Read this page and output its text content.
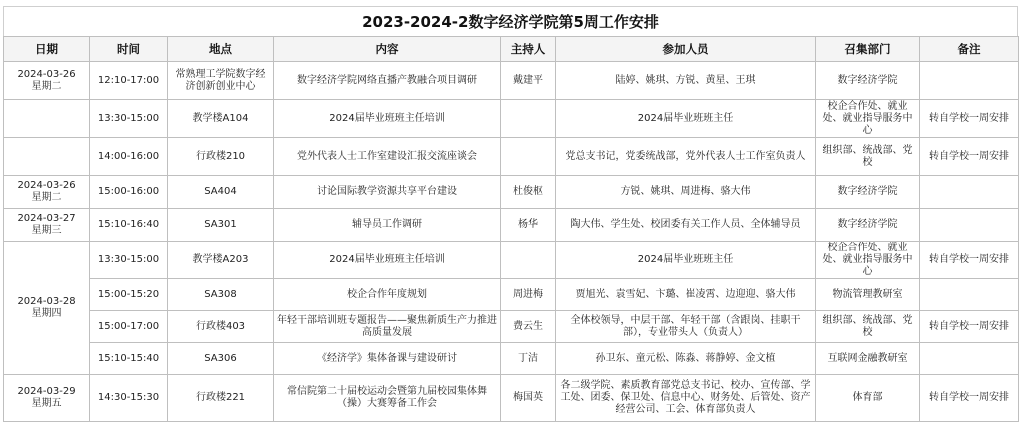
2023-2024-2数字经济学院第5周工作安排
日期	时间	地点	内容	主持人	参加人员	召集部门	备注

2024-03-26
星期二	12:10-17:00	常熟理工学院数字经济创新创业中心	数字经济学院网络直播产教融合项目调研	戴建平	陆婷、姚琪、方锐、黄星、王琪	数字经济学院	

	13:30-15:00	教学楼A104	2024届毕业班班主任培训		2024届毕业班班主任	校企合作处、就业处、就业指导服务中心	转自学校一周安排

	14:00-16:00	行政楼210	党外代表人士工作室建设汇报交流座谈会		党总支书记，党委统战部，党外代表人士工作室负责人	组织部、统战部、党校	转自学校一周安排

2024-03-26
星期二	15:00-16:00	SA404	讨论国际教学资源共享平台建设	杜俊枢	方锐、姚琪、周进梅、骆大伟	数字经济学院	

2024-03-27
星期三	15:10-16:40	SA301	辅导员工作调研	杨华	陶大伟、学生处、校团委有关工作人员、全体辅导员	数字经济学院	

2024-03-28
星期四	13:30-15:00	教学楼A203	2024届毕业班班主任培训		2024届毕业班班主任	校企合作处、就业处、就业指导服务中心	转自学校一周安排
	15:00-15:20	SA308	校企合作年度规划	周进梅	贾旭光、袁雪妃、卞璐、崔凌霄、边迎迎、骆大伟	物流管理教研室	
	15:00-17:00	行政楼403	年轻干部培训班专题报告——聚焦新质生产力推进高质量发展	费云生	全体校领导，中层干部、年轻干部（含跟岗、挂职干部），专业带头人（负责人）	组织部、统战部、党校	转自学校一周安排
	15:10-15:40	SA306	《经济学》集体备课与建设研讨	丁洁	孙卫东、童元松、陈淼、蒋静婷、金文植	互联网金融教研室	

2024-03-29
星期五	14:30-15:30	行政楼221	常信院第二十届校运动会暨第九届校园集体舞（操）大赛筹备工作会	梅国英	各二级学院、素质教育部党总支书记、校办、宣传部、学工处、团委、保卫处、信息中心、财务处、后管处、资产经营公司、工会、体育部负责人	体育部	转自学校一周安排
